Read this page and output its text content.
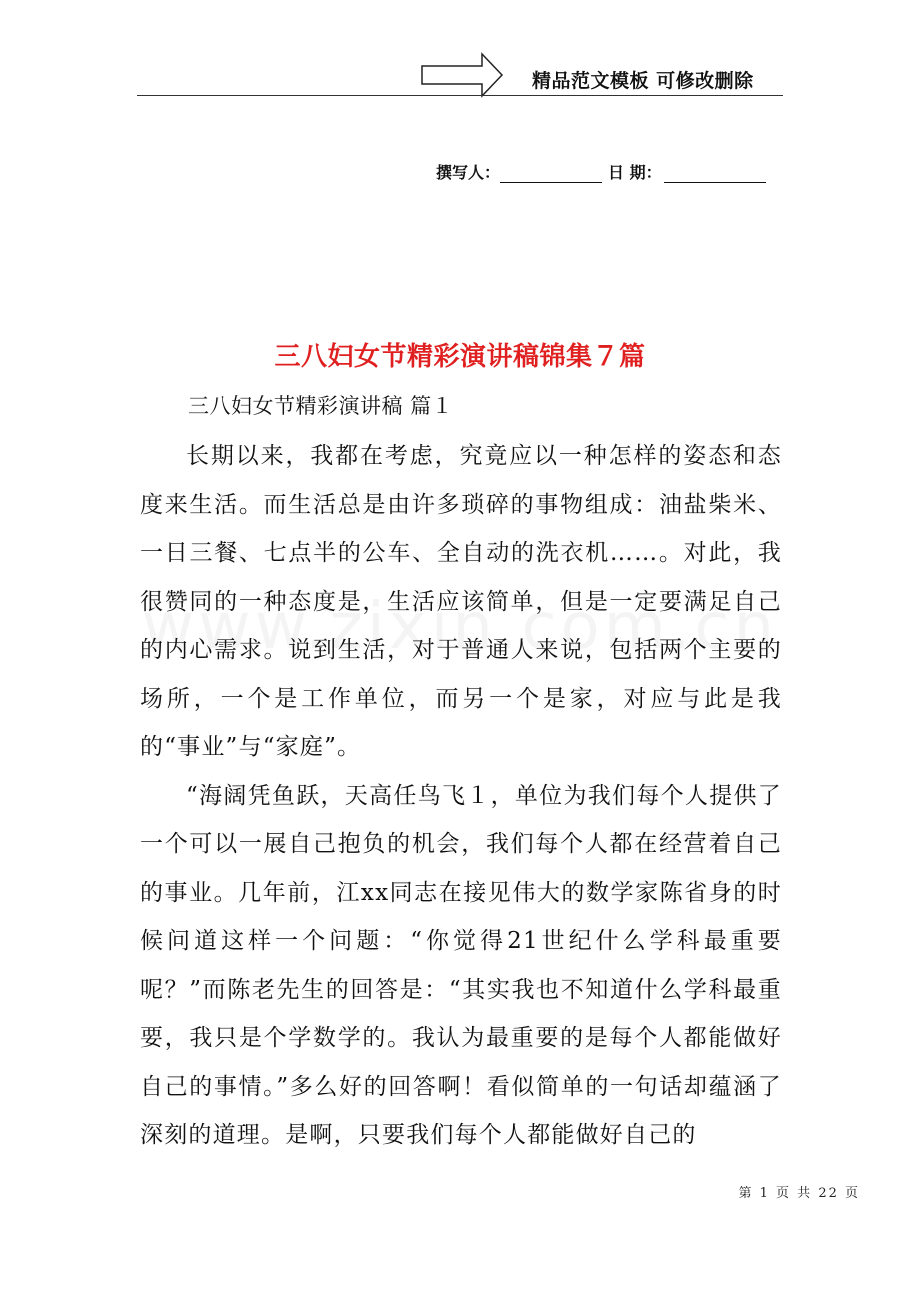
精品范文模板 可修改删除
撰写人：	日 期：
三八妇女节精彩演讲稿锦集７篇
三八妇女节精彩演讲稿 篇１

长期以来，我都在考虑，究竟应以一种怎样的姿态和态度来生活。而生活总是由许多琐碎的事物组成：油盐柴米、一日三餐、七点半的公车、全自动的洗衣机……。对此，我很赞同的一种态度是，生活应该简单，但是一定要满足自己的内心需求。说到生活，对于普通人来说，包括两个主要的场所，一个是工作单位，而另一个是家，对应与此是我的“事业”与“家庭”。

“海阔凭鱼跃，天高任鸟飞１，单位为我们每个人提供了一个可以一展自己抱负的机会，我们每个人都在经营着自己的事业。几年前，江xx同志在接见伟大的数学家陈省身的时候问道这样一个问题：“你觉得21世纪什么学科最重要呢？”而陈老先生的回答是：“其实我也不知道什么学科最重要，我只是个学数学的。我认为最重要的是每个人都能做好自己的事情。”多么好的回答啊！看似简单的一句话却蕴涵了深刻的道理。是啊，只要我们每个人都能做好自己的

第 1 页 共 22 页
